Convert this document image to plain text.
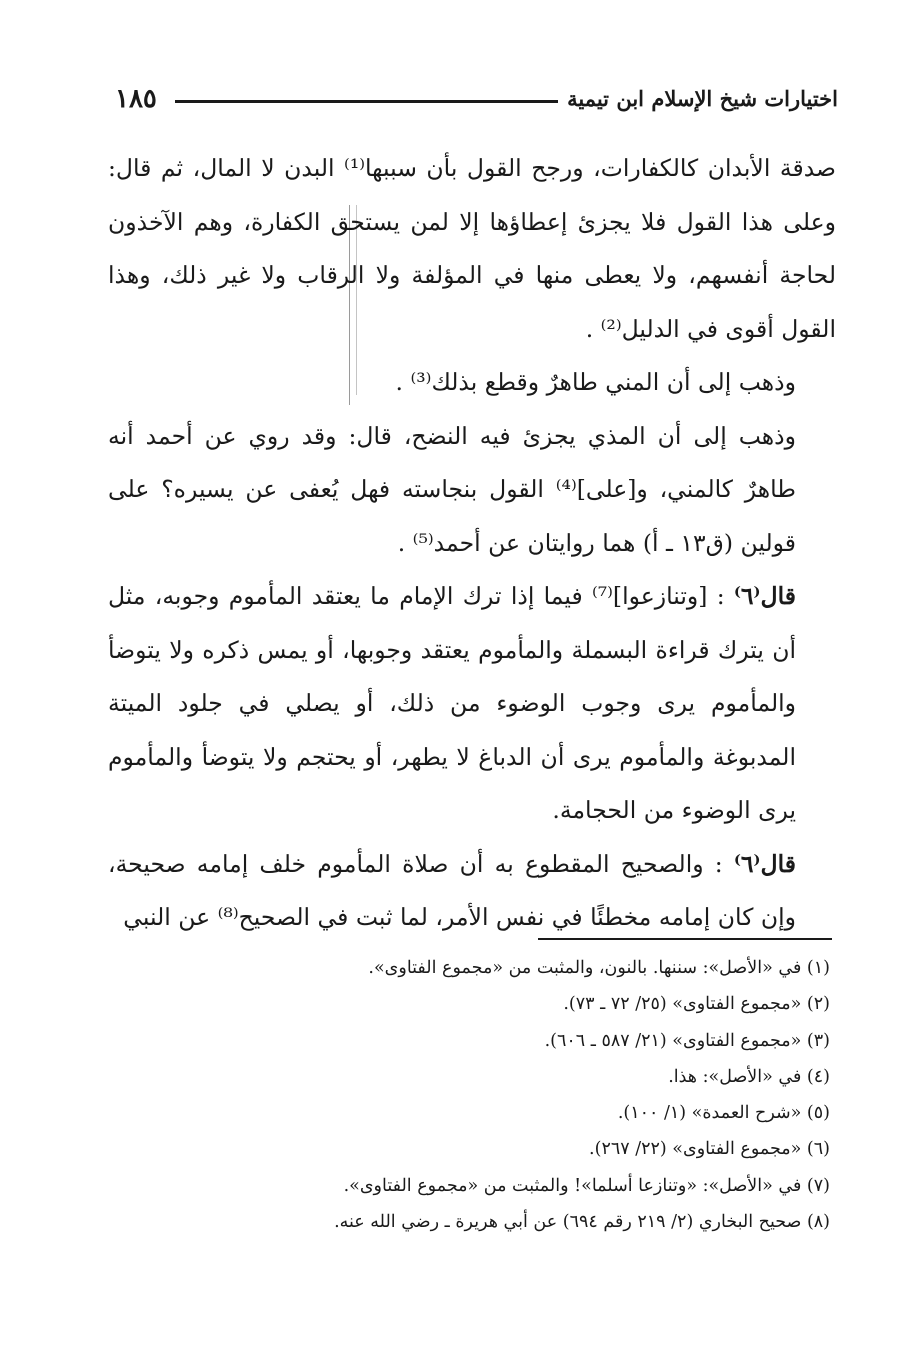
١٨٥	اختيارات شيخ الإسلام ابن تيمية

صدقة الأبدان كالكفارات، ورجح القول بأن سببها⁽¹⁾ البدن لا المال، ثم قال: وعلى هذا القول فلا يجزئ إعطاؤها إلا لمن يستحق الكفارة، وهم الآخذون لحاجة أنفسهم، ولا يعطى منها في المؤلفة ولا الرقاب ولا غير ذلك، وهذا القول أقوى في الدليل⁽²⁾ .

وذهب إلى أن المني طاهرٌ وقطع بذلك⁽³⁾ .

وذهب إلى أن المذي يجزئ فيه النضح، قال: وقد روي عن أحمد أنه طاهرٌ كالمني، و[على]⁽⁴⁾ القول بنجاسته فهل يُعفى عن يسيره؟ على قولين (ق١٣ ـ أ) هما روايتان عن أحمد⁽⁵⁾ .

قال⁽٦⁾ : [وتنازعوا]⁽⁷⁾ فيما إذا ترك الإمام ما يعتقد المأموم وجوبه، مثل أن يترك قراءة البسملة والمأموم يعتقد وجوبها، أو يمس ذكره ولا يتوضأ والمأموم يرى وجوب الوضوء من ذلك، أو يصلي في جلود الميتة المدبوغة والمأموم يرى أن الدباغ لا يطهر، أو يحتجم ولا يتوضأ والمأموم يرى الوضوء من الحجامة.

قال⁽٦⁾ : والصحيح المقطوع به أن صلاة المأموم خلف إمامه صحيحة، وإن كان إمامه مخطئًا في نفس الأمر، لما ثبت في الصحيح⁽⁸⁾ عن النبي

(١) في «الأصل»: سننها. بالنون، والمثبت من «مجموع الفتاوى».
(٢) «مجموع الفتاوى» (٢٥/ ٧٢ ـ ٧٣).
(٣) «مجموع الفتاوى» (٢١/ ٥٨٧ ـ ٦٠٦).
(٤) في «الأصل»: هذا.
(٥) «شرح العمدة» (١/ ١٠٠).
(٦) «مجموع الفتاوى» (٢٢/ ٢٦٧).
(٧) في «الأصل»: «وتنازعا أسلما»! والمثبت من «مجموع الفتاوى».
(٨) صحيح البخاري (٢/ ٢١٩ رقم ٦٩٤) عن أبي هريرة ـ رضي الله عنه.
